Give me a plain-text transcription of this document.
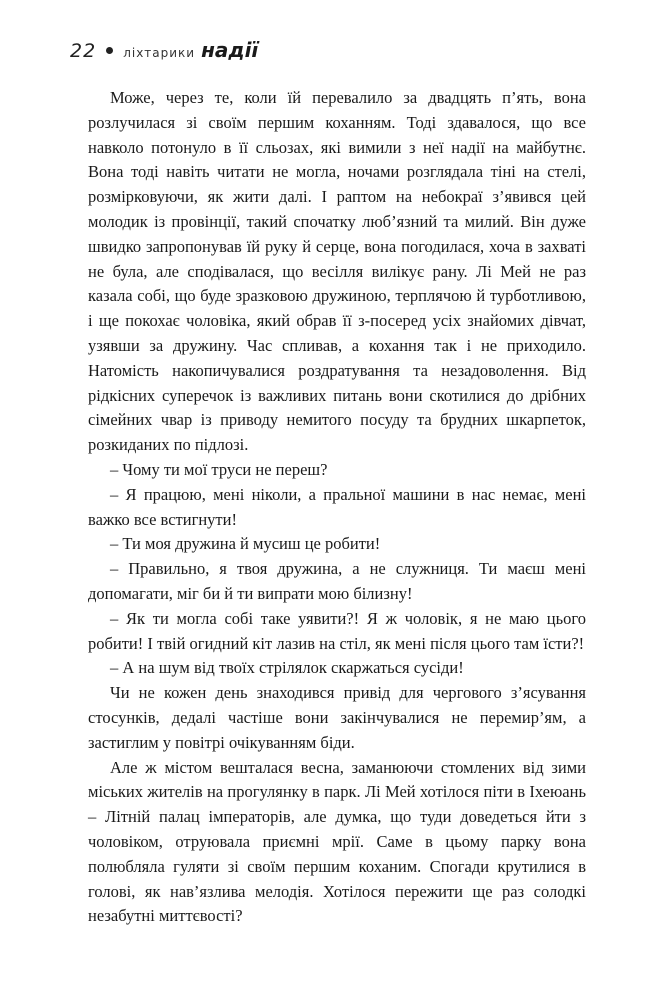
22 ліхтарики надії

Може, через те, коли їй перевалило за двадцять п’ять, вона розлучилася зі своїм першим коханням. Тоді здавалося, що все навколо потонуло в її сльозах, які вимили з неї надії на майбутнє. Вона тоді навіть читати не могла, ночами розглядала тіні на стелі, розмірковуючи, як жити далі. І раптом на небокраї з’явився цей молодик із провінції, такий спочатку люб’язний та милий. Він дуже швидко запропонував їй руку й серце, вона погодилася, хоча в захваті не була, але сподівалася, що весілля вилікує рану. Лі Мей не раз казала собі, що буде зразковою дружиною, терплячою й турботливою, і ще покохає чоловіка, який обрав її з-посеред усіх знайомих дівчат, узявши за дружину. Час спливав, а кохання так і не приходило. Натомість накопичувалися роздратування та незадоволення. Від рідкісних суперечок із важливих питань вони скотилися до дрібних сімейних чвар із приводу немитого посуду та брудних шкарпеток, розкиданих по підлозі.

– Чому ти мої труси не переш?

– Я працюю, мені ніколи, а пральної машини в нас немає, мені важко все встигнути!

– Ти моя дружина й мусиш це робити!

– Правильно, я твоя дружина, а не служниця. Ти маєш мені допомагати, міг би й ти випрати мою білизну!

– Як ти могла собі таке уявити?! Я ж чоловік, я не маю цього робити! І твій огидний кіт лазив на стіл, як мені після цього там їсти?!

– А на шум від твоїх стрілялок скаржаться сусіди!

Чи не кожен день знаходився привід для чергового з’ясування стосунків, дедалі частіше вони закінчувалися не перемир’ям, а застиглим у повітрі очікуванням біди.

Але ж містом вешталася весна, заманюючи стомлених від зими міських жителів на прогулянку в парк. Лі Мей хотілося піти в Іхеюань – Літній палац імператорів, але думка, що туди доведеться йти з чоловіком, отруювала приємні мрії. Саме в цьому парку вона полюбляла гуляти зі своїм першим коханим. Спогади крутилися в голові, як нав’язлива мелодія. Хотілося пережити ще раз солодкі незабутні миттєвості?
